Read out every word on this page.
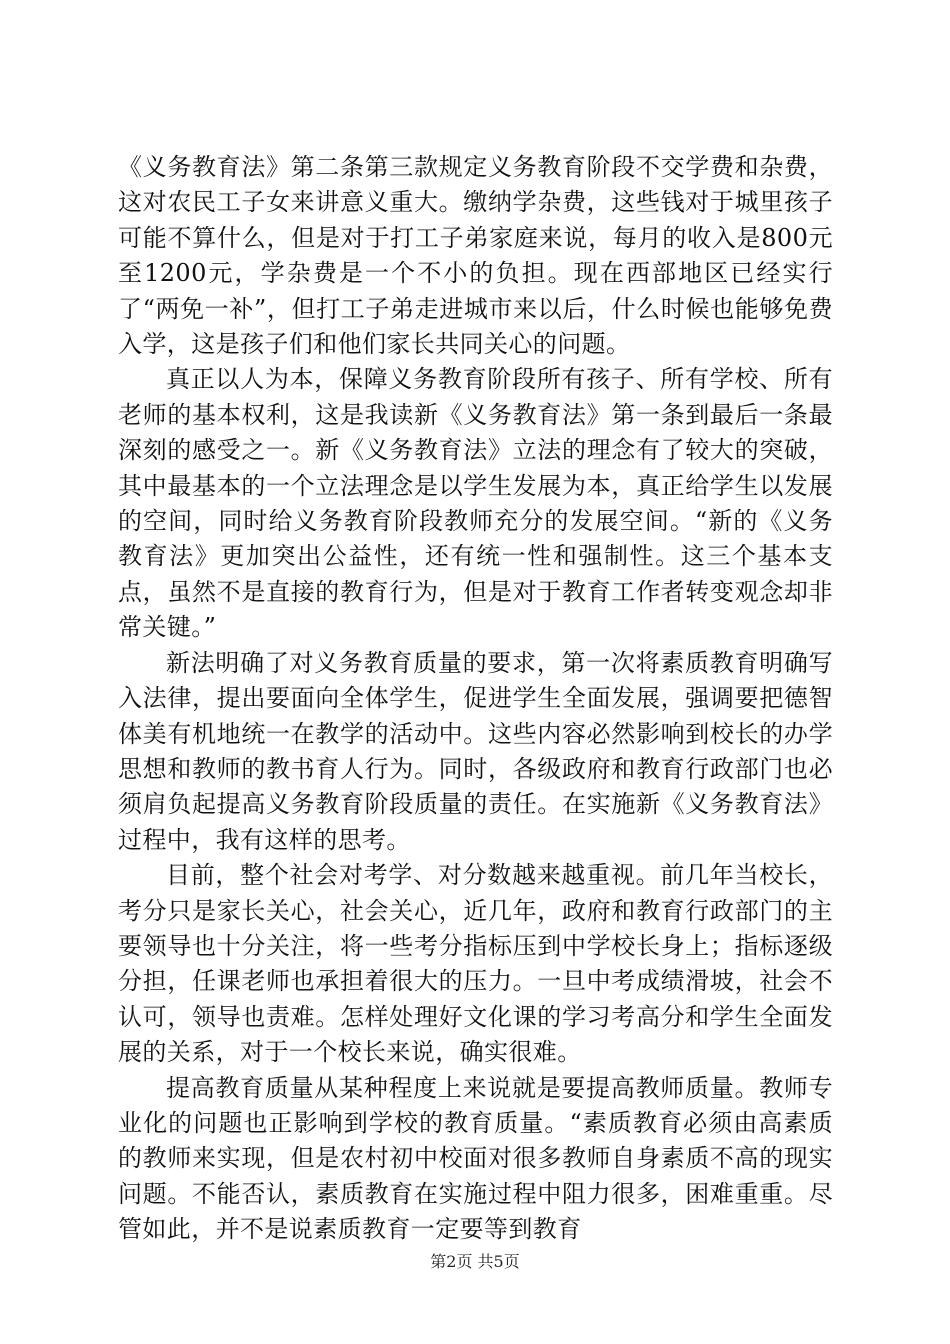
《义务教育法》第二条第三款规定义务教育阶段不交学费和杂费，这对农民工子女来讲意义重大。缴纳学杂费，这些钱对于城里孩子可能不算什么，但是对于打工子弟家庭来说，每月的收入是800元至1200元，学杂费是一个不小的负担。现在西部地区已经实行了“两免一补”，但打工子弟走进城市来以后，什么时候也能够免费入学，这是孩子们和他们家长共同关心的问题。

真正以人为本，保障义务教育阶段所有孩子、所有学校、所有老师的基本权利，这是我读新《义务教育法》第一条到最后一条最深刻的感受之一。新《义务教育法》立法的理念有了较大的突破，其中最基本的一个立法理念是以学生发展为本，真正给学生以发展的空间，同时给义务教育阶段教师充分的发展空间。“新的《义务教育法》更加突出公益性，还有统一性和强制性。这三个基本支点，虽然不是直接的教育行为，但是对于教育工作者转变观念却非常关键。”

新法明确了对义务教育质量的要求，第一次将素质教育明确写入法律，提出要面向全体学生，促进学生全面发展，强调要把德智体美有机地统一在教学的活动中。这些内容必然影响到校长的办学思想和教师的教书育人行为。同时，各级政府和教育行政部门也必须肩负起提高义务教育阶段质量的责任。在实施新《义务教育法》过程中，我有这样的思考。

目前，整个社会对考学、对分数越来越重视。前几年当校长，考分只是家长关心，社会关心，近几年，政府和教育行政部门的主要领导也十分关注，将一些考分指标压到中学校长身上；指标逐级分担，任课老师也承担着很大的压力。一旦中考成绩滑坡，社会不认可，领导也责难。怎样处理好文化课的学习考高分和学生全面发展的关系，对于一个校长来说，确实很难。

提高教育质量从某种程度上来说就是要提高教师质量。教师专业化的问题也正影响到学校的教育质量。“素质教育必须由高素质的教师来实现，但是农村初中校面对很多教师自身素质不高的现实问题。不能否认，素质教育在实施过程中阻力很多，困难重重。尽管如此，并不是说素质教育一定要等到教育

第2页 共5页
